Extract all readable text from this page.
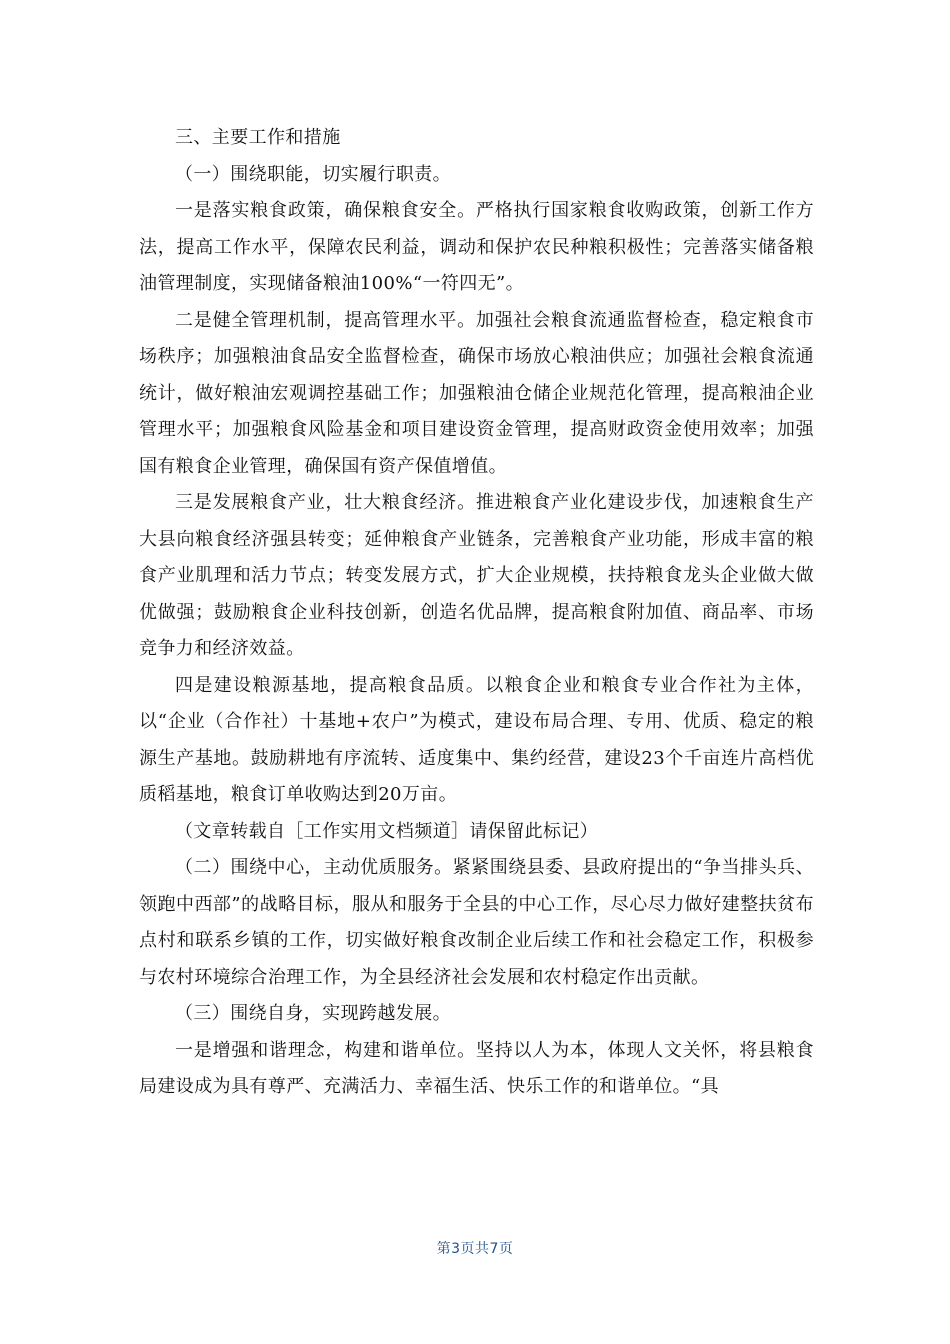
三、主要工作和措施

（一）围绕职能，切实履行职责。

一是落实粮食政策，确保粮食安全。严格执行国家粮食收购政策，创新工作方法，提高工作水平，保障农民利益，调动和保护农民种粮积极性；完善落实储备粮油管理制度，实现储备粮油100%“一符四无”。

二是健全管理机制，提高管理水平。加强社会粮食流通监督检查，稳定粮食市场秩序；加强粮油食品安全监督检查，确保市场放心粮油供应；加强社会粮食流通统计，做好粮油宏观调控基础工作；加强粮油仓储企业规范化管理，提高粮油企业管理水平；加强粮食风险基金和项目建设资金管理，提高财政资金使用效率；加强国有粮食企业管理，确保国有资产保值增值。

三是发展粮食产业，壮大粮食经济。推进粮食产业化建设步伐，加速粮食生产大县向粮食经济强县转变；延伸粮食产业链条，完善粮食产业功能，形成丰富的粮食产业肌理和活力节点；转变发展方式，扩大企业规模，扶持粮食龙头企业做大做优做强；鼓励粮食企业科技创新，创造名优品牌，提高粮食附加值、商品率、市场竞争力和经济效益。

四是建设粮源基地，提高粮食品质。以粮食企业和粮食专业合作社为主体，以“企业（合作社）十基地+农户”为模式，建设布局合理、专用、优质、稳定的粮源生产基地。鼓励耕地有序流转、适度集中、集约经营，建设23个千亩连片高档优质稻基地，粮食订单收购达到20万亩。

（文章转载自［工作实用文档频道］请保留此标记）

（二）围绕中心，主动优质服务。紧紧围绕县委、县政府提出的“争当排头兵、领跑中西部”的战略目标，服从和服务于全县的中心工作，尽心尽力做好建整扶贫布点村和联系乡镇的工作，切实做好粮食改制企业后续工作和社会稳定工作，积极参与农村环境综合治理工作，为全县经济社会发展和农村稳定作出贡献。

（三）围绕自身，实现跨越发展。

一是增强和谐理念，构建和谐单位。坚持以人为本，体现人文关怀，将县粮食局建设成为具有尊严、充满活力、幸福生活、快乐工作的和谐单位。“具

第3页共7页
